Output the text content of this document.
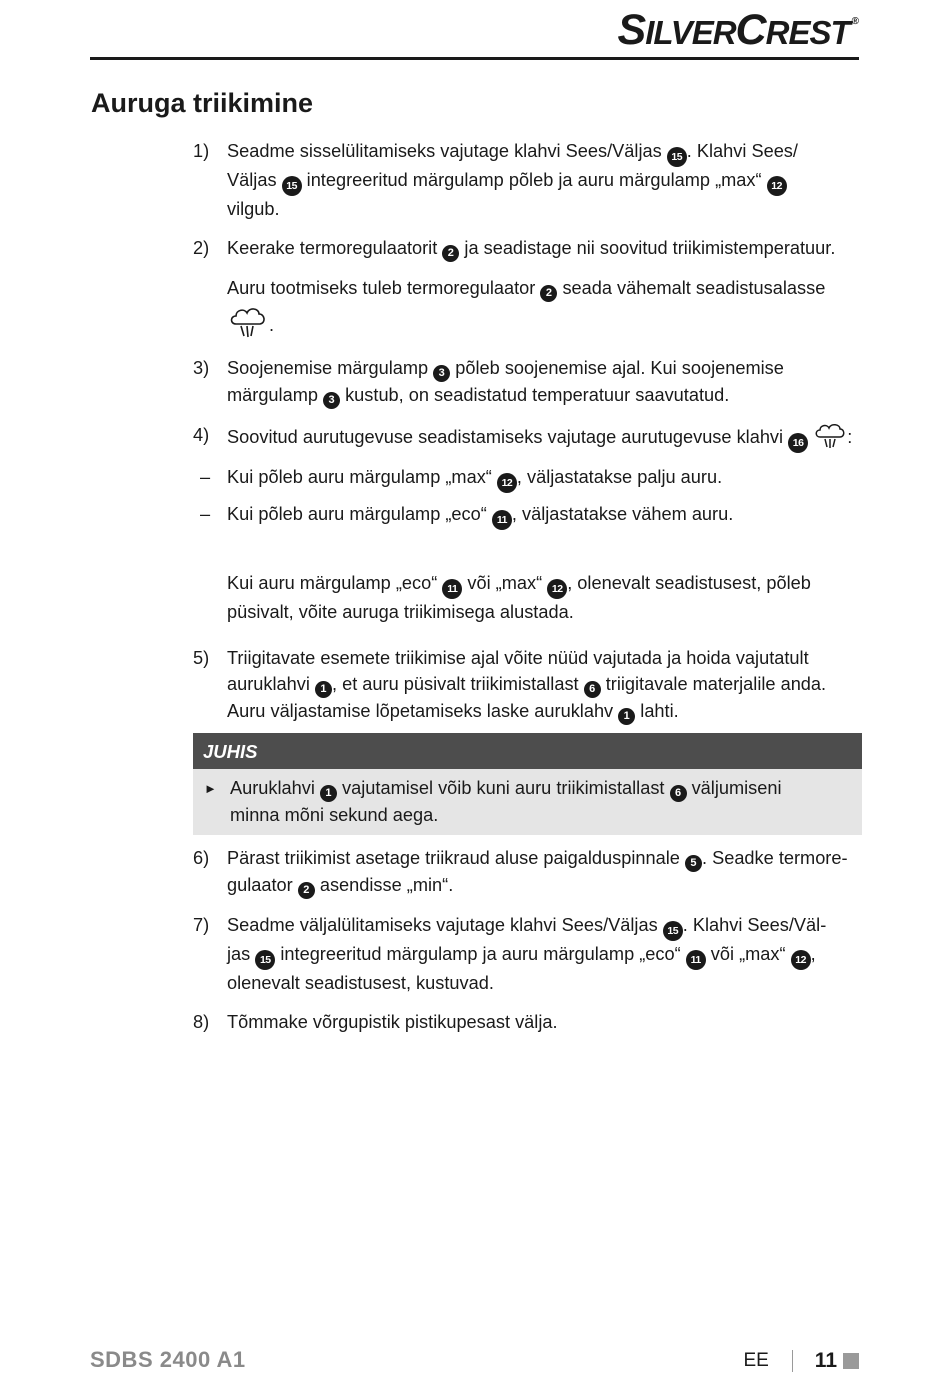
SILVERCREST ®
Auruga triikimine
1) Seadme sisselülitamiseks vajutage klahvi Sees/Väljas 15 . Klahvi Sees/
Väljas 15 integreeritud märgulamp põleb ja auru märgulamp „max“ 12
vilgub.

2) Keerake termoregulaatorit 2 ja seadistage nii soovitud triikimistemperatuur.

Auru tootmiseks tuleb termoregulaator 2 seada vähemalt seadistusalasse .

3) Soojenemise märgulamp 3 põleb soojenemise ajal. Kui soojenemise
märgulamp 3 kustub, on seadistatud temperatuur saavutatud.

4) Soovitud aurutugevuse seadistamiseks vajutage aurutugevuse klahvi 16 :

– Kui põleb auru märgulamp „max“ 12 , väljastatakse palju auru.

– Kui põleb auru märgulamp „eco“ 11 , väljastatakse vähem auru.

Kui auru märgulamp „eco“ 11 või „max“ 12 , olenevalt seadistusest, põleb
püsivalt, võite auruga triikimisega alustada.

5) Triigitavate esemete triikimise ajal võite nüüd vajutada ja hoida vajutatult
auruklahvi 1 , et auru püsivalt triikimistallast 6 triigitavale materjalile anda.
Auru väljastamise lõpetamiseks laske auruklahv 1 lahti.

JUHIS
► Auruklahvi 1 vajutamisel võib kuni auru triikimistallast 6 väljumiseni
minna mõni sekund aega.

6) Pärast triikimist asetage triikraud aluse paigalduspinnale 5 . Seadke termore-
gulaator 2 asendisse „min“.

7) Seadme väljalülitamiseks vajutage klahvi Sees/Väljas 15 . Klahvi Sees/Väl-
jas 15 integreeritud märgulamp ja auru märgulamp „eco“ 11 või „max“ 12 ,
olenevalt seadistusest, kustuvad.

8) Tõmmake võrgupistik pistikupesast välja.

SDBS 2400 A1	EE 11
